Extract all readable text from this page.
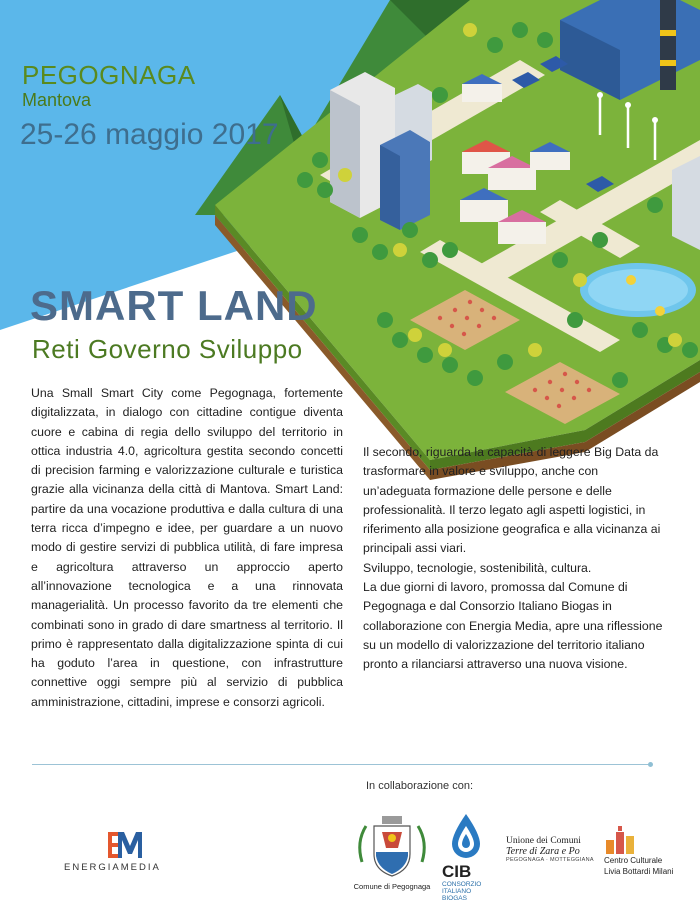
PEGOGNAGA
Mantova
25-26 maggio 2017
SMART LAND
Reti Governo Sviluppo

Una Small Smart City come Pegognaga, fortemente digitalizzata, in dialogo con cittadine contigue diventa cuore e cabina di regia dello sviluppo del territorio in ottica industria 4.0, agricoltura gestita secondo concetti di precision farming e valorizzazione culturale e turistica grazie alla vicinanza della città di Mantova. Smart Land: partire da una vocazione produttiva e dalla cultura di una terra ricca d’impegno e idee, per guardare a un nuovo modo di gestire servizi di pubblica utilità, di fare impresa e agricoltura attraverso un approccio aperto all’innovazione tecnologica e a una rinnovata managerialità. Un processo favorito da tre elementi che combinati sono in grado di dare smartness al territorio. Il primo è rappresentato dalla digitalizzazione spinta di cui ha goduto l’area in questione, con infrastrutture connettive oggi sempre più al servizio di pubblica amministrazione, cittadini, imprese e consorzi agricoli.

Il secondo, riguarda la capacità di leggere Big Data da trasformare in valore e sviluppo, anche con un’adeguata formazione delle persone e delle professionalità. Il terzo legato agli aspetti logistici, in riferimento alla posizione geografica e alla vicinanza ai principali assi viari.

Sviluppo, tecnologie, sostenibilità, cultura.

La due giorni di lavoro, promossa dal Comune di Pegognaga e dal Consorzio Italiano Biogas in collaborazione con Energia Media, apre una riflessione su un modello di valorizzazione del territorio italiano pronto a rilanciarsi attraverso una nuova visione.

In collaborazione con:
ENERGIAMEDIA
Comune di Pegognaga
CIB
CONSORZIO ITALIANO BIOGAS
Unione dei Comuni
Terre di Zara e Po
PEGOGNAGA · MOTTEGGIANA	Centro Culturale
Livia Bottardi Milani
